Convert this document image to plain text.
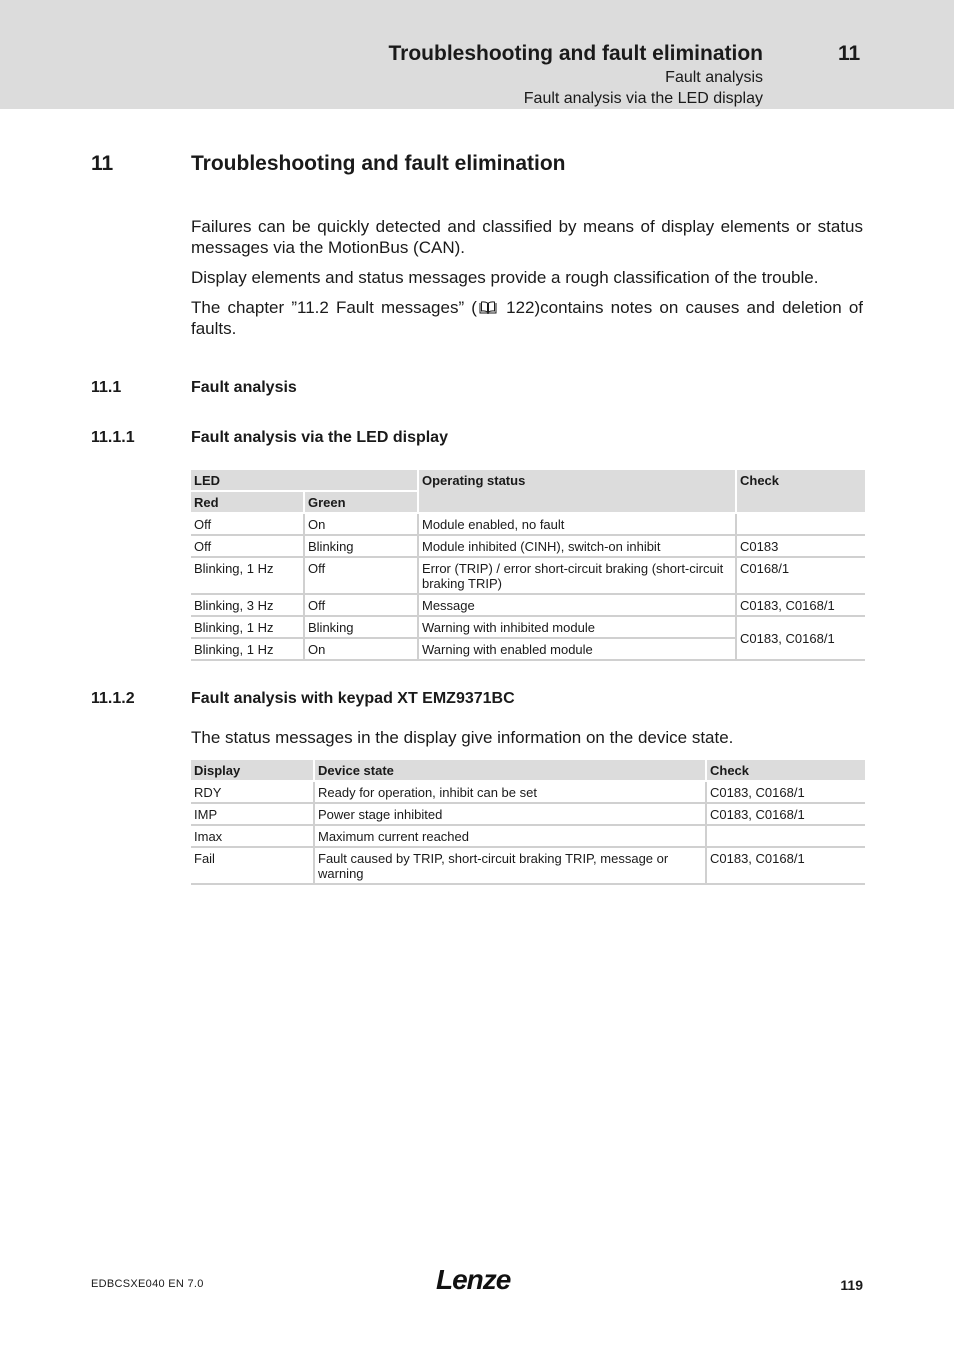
Troubleshooting and fault elimination	11
Fault analysis
Fault analysis via the LED display
11	Troubleshooting and fault elimination
Failures can be quickly detected and classified by means of display elements or status messages via the MotionBus (CAN).
Display elements and status messages provide a rough classification of the trouble.
The chapter ”11.2 Fault messages” ( 122)contains notes on causes and deletion of faults.
11.1	Fault analysis
11.1.1	Fault analysis via the LED display
LED		Operating status	Check
Red	Green		
Off	On	Module enabled, no fault	
Off	Blinking	Module inhibited (CINH), switch-on inhibit	C0183
Blinking, 1 Hz	Off	Error (TRIP) / error short-circuit braking (short-circuit braking TRIP)	C0168/1
Blinking, 3 Hz	Off	Message	C0183, C0168/1
Blinking, 1 Hz	Blinking	Warning with inhibited module	C0183, C0168/1
Blinking, 1 Hz	On	Warning with enabled module	
11.1.2	Fault analysis with keypad XT EMZ9371BC
The status messages in the display give information on the device state.
Display	Device state	Check
RDY	Ready for operation, inhibit can be set	C0183, C0168/1
IMP	Power stage inhibited	C0183, C0168/1
Imax	Maximum current reached	
Fail	Fault caused by TRIP, short-circuit braking TRIP, message or warning	C0183, C0168/1
EDBCSXE040 EN 7.0	Lenze	119
